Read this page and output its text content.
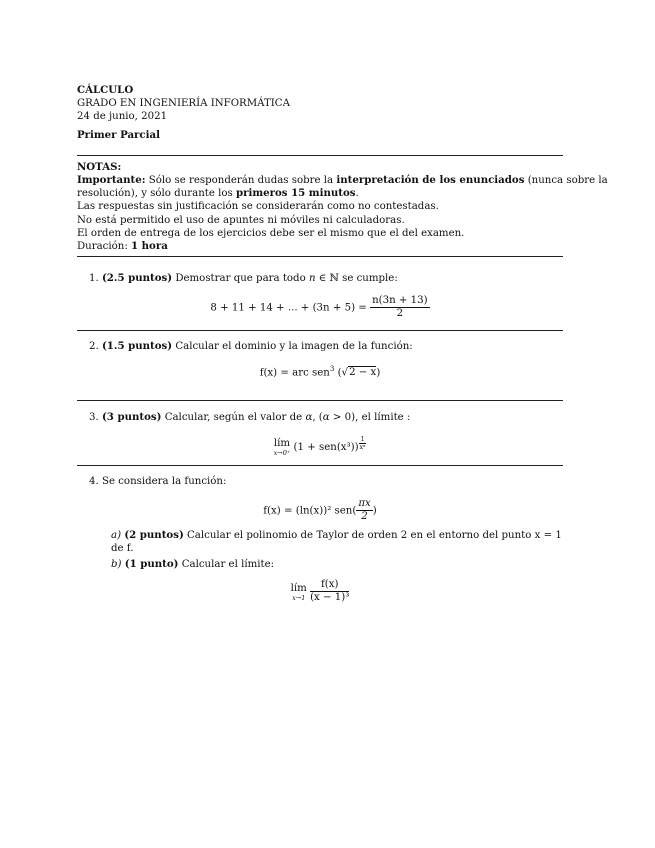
CÁLCULO
GRADO EN INGENIERÍA INFORMÁTICA
24 de junio, 2021
Primer Parcial
NOTAS:
Importante: Sólo se responderán dudas sobre la interpretación de los enunciados (nunca sobre la
resolución), y sólo durante los primeros 15 minutos.
Las respuestas sin justificación se considerarán como no contestadas.
No está permitido el uso de apuntes ni móviles ni calculadoras.
El orden de entrega de los ejercicios debe ser el mismo que el del examen.
Duración: 1 hora
1. (2.5 puntos) Demostrar que para todo n ∈ ℕ se cumple:
8 + 11 + 14 + ... + $(3n + 5) = \frac{n(3n + 13)}{2}$
2. (1.5 puntos) Calcular el dominio y la imagen de la función:
f(x) = arc sen$^3$ (√2 − x)
3. (3 puntos) Calcular, según el valor de α, (α > 0), el límite :
lím
x→0⁺
(1 + sen(x³)) $^{\frac{1}{\text{xᵅ}}}$
4. Se considera la función:
f(x) = (ln(x))² $sen( \frac{\pi x}{2}$ )
a) (2 puntos) Calcular el polinomio de Taylor de orden 2 en el entorno del punto x = 1 de f.
b) (1 punto) Calcular el límite:
lím
x→1
$\frac{f(x)}{\text{(x − 1)³}}$
